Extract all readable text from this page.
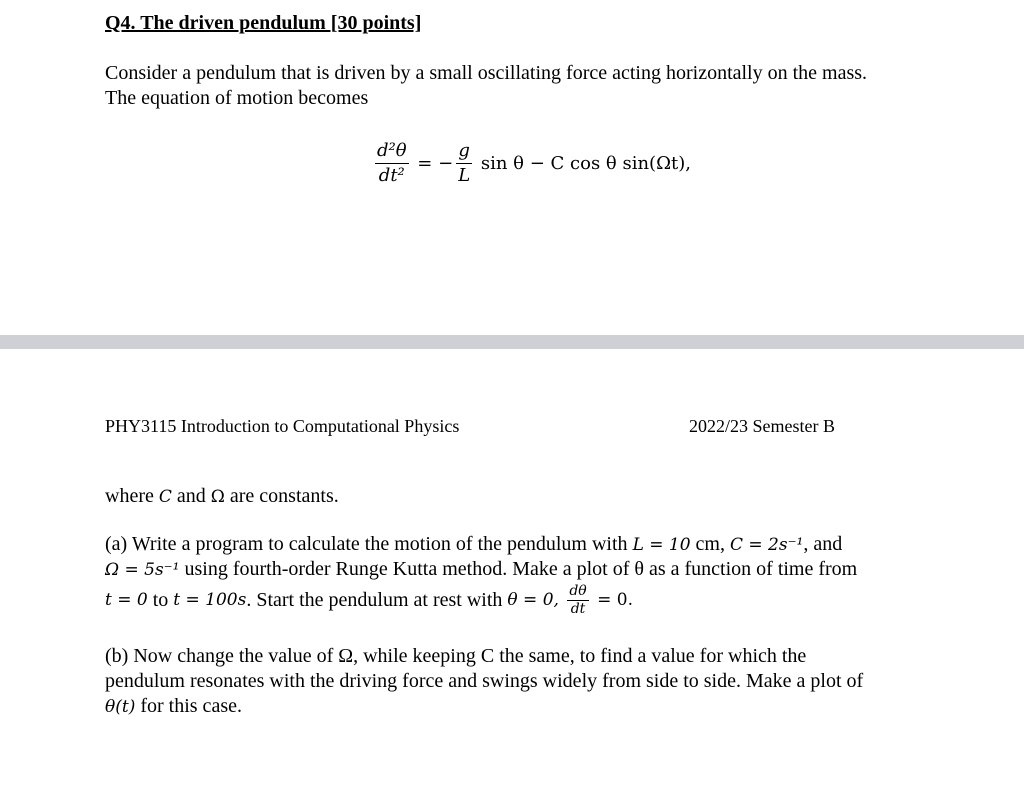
Q4. The driven pendulum [30 points]
Consider a pendulum that is driven by a small oscillating force acting horizontally on the mass.
The equation of motion becomes
$\frac{\text{d²θ}}{\text{dt²}}$ = − $\frac{g}{L}$ sin θ − C cos θ sin(Ωt),
PHY3115 Introduction to Computational Physics	2022/23 Semester B
where C and Ω are constants.
(a) Write a program to calculate the motion of the pendulum with L = 10 cm, C = 2s⁻¹, and
Ω = 5s⁻¹ using fourth-order Runge Kutta method. Make a plot of θ as a function of time from
t = 0 to t = 100s . Start the pendulum at rest with θ = 0, $\frac{d\theta}{dt} = 0$.
(b) Now change the value of Ω, while keeping C the same, to find a value for which the
pendulum resonates with the driving force and swings widely from side to side. Make a plot of
θ(t) for this case.
